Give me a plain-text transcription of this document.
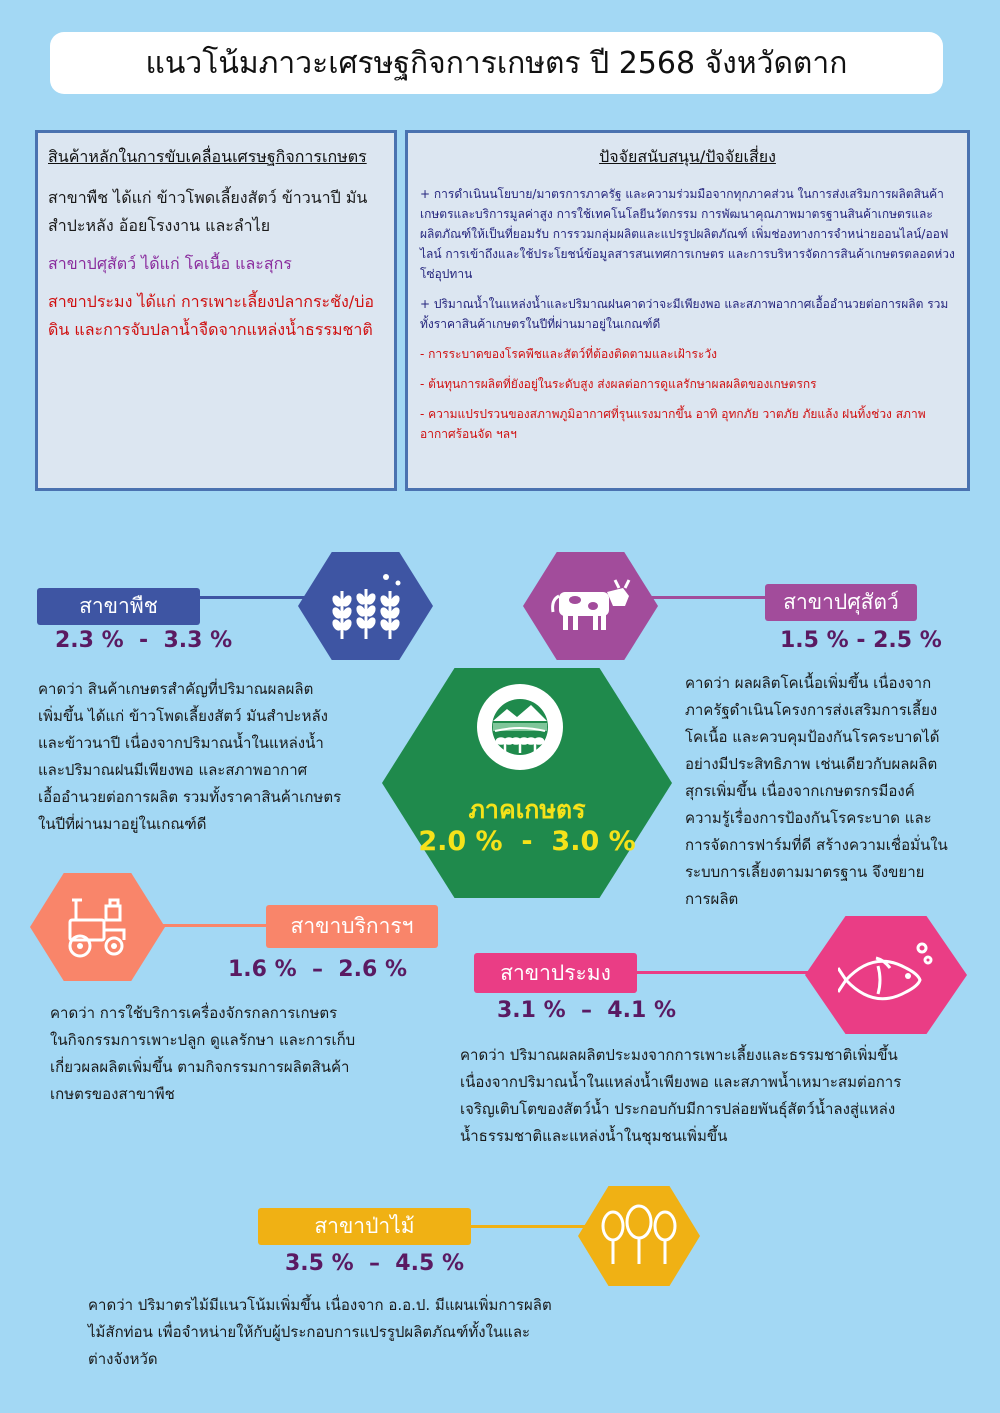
แนวโน้มภาวะเศรษฐกิจการเกษตร ปี 2568 จังหวัดตาก
สินค้าหลักในการขับเคลื่อนเศรษฐกิจการเกษตร

สาขาพืช ได้แก่ ข้าวโพดเลี้ยงสัตว์ ข้าวนาปี มันสำปะหลัง อ้อยโรงงาน และลำไย

สาขาปศุสัตว์ ได้แก่ โคเนื้อ และสุกร

สาขาประมง ได้แก่ การเพาะเลี้ยงปลากระชัง/บ่อดิน และการจับปลาน้ำจืดจากแหล่งน้ำธรรมชาติ

ปัจจัยสนับสนุน/ปัจจัยเสี่ยง

+ การดำเนินนโยบาย/มาตรการภาครัฐ และความร่วมมือจากทุกภาคส่วน ในการส่งเสริมการผลิตสินค้าเกษตรและบริการมูลค่าสูง การใช้เทคโนโลยีนวัตกรรม การพัฒนาคุณภาพมาตรฐานสินค้าเกษตรและผลิตภัณฑ์ให้เป็นที่ยอมรับ การรวมกลุ่มผลิตและแปรรูปผลิตภัณฑ์ เพิ่มช่องทางการจำหน่ายออนไลน์/ออฟไลน์ การเข้าถึงและใช้ประโยชน์ข้อมูลสารสนเทศการเกษตร และการบริหารจัดการสินค้าเกษตรตลอดห่วงโซ่อุปทาน

+ ปริมาณน้ำในแหล่งน้ำและปริมาณฝนคาดว่าจะมีเพียงพอ และสภาพอากาศเอื้ออำนวยต่อการผลิต รวมทั้งราคาสินค้าเกษตรในปีที่ผ่านมาอยู่ในเกณฑ์ดี

- การระบาดของโรคพืชและสัตว์ที่ต้องติดตามและเฝ้าระวัง

- ต้นทุนการผลิตที่ยังอยู่ในระดับสูง ส่งผลต่อการดูแลรักษาผลผลิตของเกษตรกร

- ความแปรปรวนของสภาพภูมิอากาศที่รุนแรงมากขึ้น อาทิ อุทกภัย วาตภัย ภัยแล้ง ฝนทิ้งช่วง สภาพอากาศร้อนจัด ฯลฯ

สาขาพืช
2.3 %  -  3.3 %
คาดว่า สินค้าเกษตรสำคัญที่ปริมาณผลผลิต
เพิ่มขึ้น ได้แก่ ข้าวโพดเลี้ยงสัตว์ มันสำปะหลัง
และข้าวนาปี เนื่องจากปริมาณน้ำในแหล่งน้ำ
และปริมาณฝนมีเพียงพอ และสภาพอากาศ
เอื้ออำนวยต่อการผลิต รวมทั้งราคาสินค้าเกษตร
ในปีที่ผ่านมาอยู่ในเกณฑ์ดี
สาขาปศุสัตว์
1.5 % - 2.5 %
คาดว่า ผลผลิตโคเนื้อเพิ่มขึ้น เนื่องจาก
ภาครัฐดำเนินโครงการส่งเสริมการเลี้ยง
โคเนื้อ และควบคุมป้องกันโรคระบาดได้
อย่างมีประสิทธิภาพ เช่นเดียวกับผลผลิต
สุกรเพิ่มขึ้น เนื่องจากเกษตรกรมีองค์
ความรู้เรื่องการป้องกันโรคระบาด และ
การจัดการฟาร์มที่ดี สร้างความเชื่อมั่นใน
ระบบการเลี้ยงตามมาตรฐาน จึงขยาย
การผลิต
ภาคเกษตร
2.0 %  -  3.0 %
สาขาบริการฯ
1.6 %  –  2.6 %
คาดว่า การใช้บริการเครื่องจักรกลการเกษตร
ในกิจกรรมการเพาะปลูก ดูแลรักษา และการเก็บ
เกี่ยวผลผลิตเพิ่มขึ้น ตามกิจกรรมการผลิตสินค้า
เกษตรของสาขาพืช
สาขาประมง
3.1 %  –  4.1 %
คาดว่า ปริมาณผลผลิตประมงจากการเพาะเลี้ยงและธรรมชาติเพิ่มขึ้น
เนื่องจากปริมาณน้ำในแหล่งน้ำเพียงพอ และสภาพน้ำเหมาะสมต่อการ
เจริญเติบโตของสัตว์น้ำ ประกอบกับมีการปล่อยพันธุ์สัตว์น้ำลงสู่แหล่ง
น้ำธรรมชาติและแหล่งน้ำในชุมชนเพิ่มขึ้น
สาขาป่าไม้
3.5 %  –  4.5 %
คาดว่า ปริมาตรไม้มีแนวโน้มเพิ่มขึ้น เนื่องจาก อ.อ.ป. มีแผนเพิ่มการผลิต
ไม้สักท่อน เพื่อจำหน่ายให้กับผู้ประกอบการแปรรูปผลิตภัณฑ์ทั้งในและ
ต่างจังหวัด
